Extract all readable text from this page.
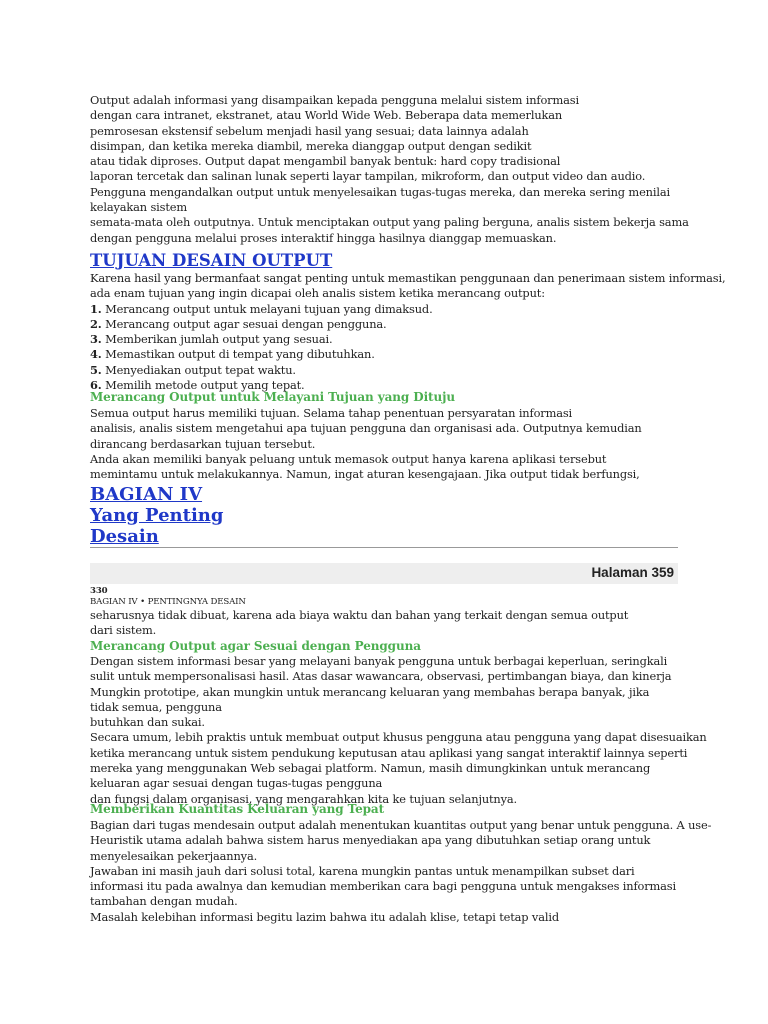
Output adalah informasi yang disampaikan kepada pengguna melalui sistem informasi
dengan cara intranet, ekstranet, atau World Wide Web. Beberapa data memerlukan
pemrosesan ekstensif sebelum menjadi hasil yang sesuai; data lainnya adalah
disimpan, dan ketika mereka diambil, mereka dianggap output dengan sedikit
atau tidak diproses. Output dapat mengambil banyak bentuk: hard copy tradisional
laporan tercetak dan salinan lunak seperti layar tampilan, mikroform, dan output video dan audio.
Pengguna mengandalkan output untuk menyelesaikan tugas-tugas mereka, dan mereka sering menilai kelayakan sistem
semata-mata oleh outputnya. Untuk menciptakan output yang paling berguna, analis sistem bekerja sama
dengan pengguna melalui proses interaktif hingga hasilnya dianggap memuaskan.
TUJUAN DESAIN OUTPUT
Karena hasil yang bermanfaat sangat penting untuk memastikan penggunaan dan penerimaan sistem informasi,
ada enam tujuan yang ingin dicapai oleh analis sistem ketika merancang output:
1. Merancang output untuk melayani tujuan yang dimaksud.
2. Merancang output agar sesuai dengan pengguna.
3. Memberikan jumlah output yang sesuai.
4. Memastikan output di tempat yang dibutuhkan.
5. Menyediakan output tepat waktu.
6. Memilih metode output yang tepat.
Merancang Output untuk Melayani Tujuan yang Dituju
Semua output harus memiliki tujuan. Selama tahap penentuan persyaratan informasi
analisis, analis sistem mengetahui apa tujuan pengguna dan organisasi ada. Outputnya kemudian
dirancang berdasarkan tujuan tersebut.
Anda akan memiliki banyak peluang untuk memasok output hanya karena aplikasi tersebut
memintamu untuk melakukannya. Namun, ingat aturan kesengajaan. Jika output tidak berfungsi,
BAGIAN IV
Yang Penting
Desain
Halaman 359
330
BAGIAN IV • PENTINGNYA DESAIN
seharusnya tidak dibuat, karena ada biaya waktu dan bahan yang terkait dengan semua output
dari sistem.
Merancang Output agar Sesuai dengan Pengguna
Dengan sistem informasi besar yang melayani banyak pengguna untuk berbagai keperluan, seringkali
sulit untuk mempersonalisasi hasil. Atas dasar wawancara, observasi, pertimbangan biaya, dan kinerja
Mungkin prototipe, akan mungkin untuk merancang keluaran yang membahas berapa banyak, jika tidak semua, pengguna
butuhkan dan sukai.
Secara umum, lebih praktis untuk membuat output khusus pengguna atau pengguna yang dapat disesuaikan
ketika merancang untuk sistem pendukung keputusan atau aplikasi yang sangat interaktif lainnya seperti
mereka yang menggunakan Web sebagai platform. Namun, masih dimungkinkan untuk merancang keluaran agar sesuai dengan tugas-tugas pengguna
dan fungsi dalam organisasi, yang mengarahkan kita ke tujuan selanjutnya.
Memberikan Kuantitas Keluaran yang Tepat
Bagian dari tugas mendesain output adalah menentukan kuantitas output yang benar untuk pengguna. A use-
Heuristik utama adalah bahwa sistem harus menyediakan apa yang dibutuhkan setiap orang untuk menyelesaikan pekerjaannya.
Jawaban ini masih jauh dari solusi total, karena mungkin pantas untuk menampilkan subset dari
informasi itu pada awalnya dan kemudian memberikan cara bagi pengguna untuk mengakses informasi tambahan dengan mudah.
Masalah kelebihan informasi begitu lazim bahwa itu adalah klise, tetapi tetap valid
